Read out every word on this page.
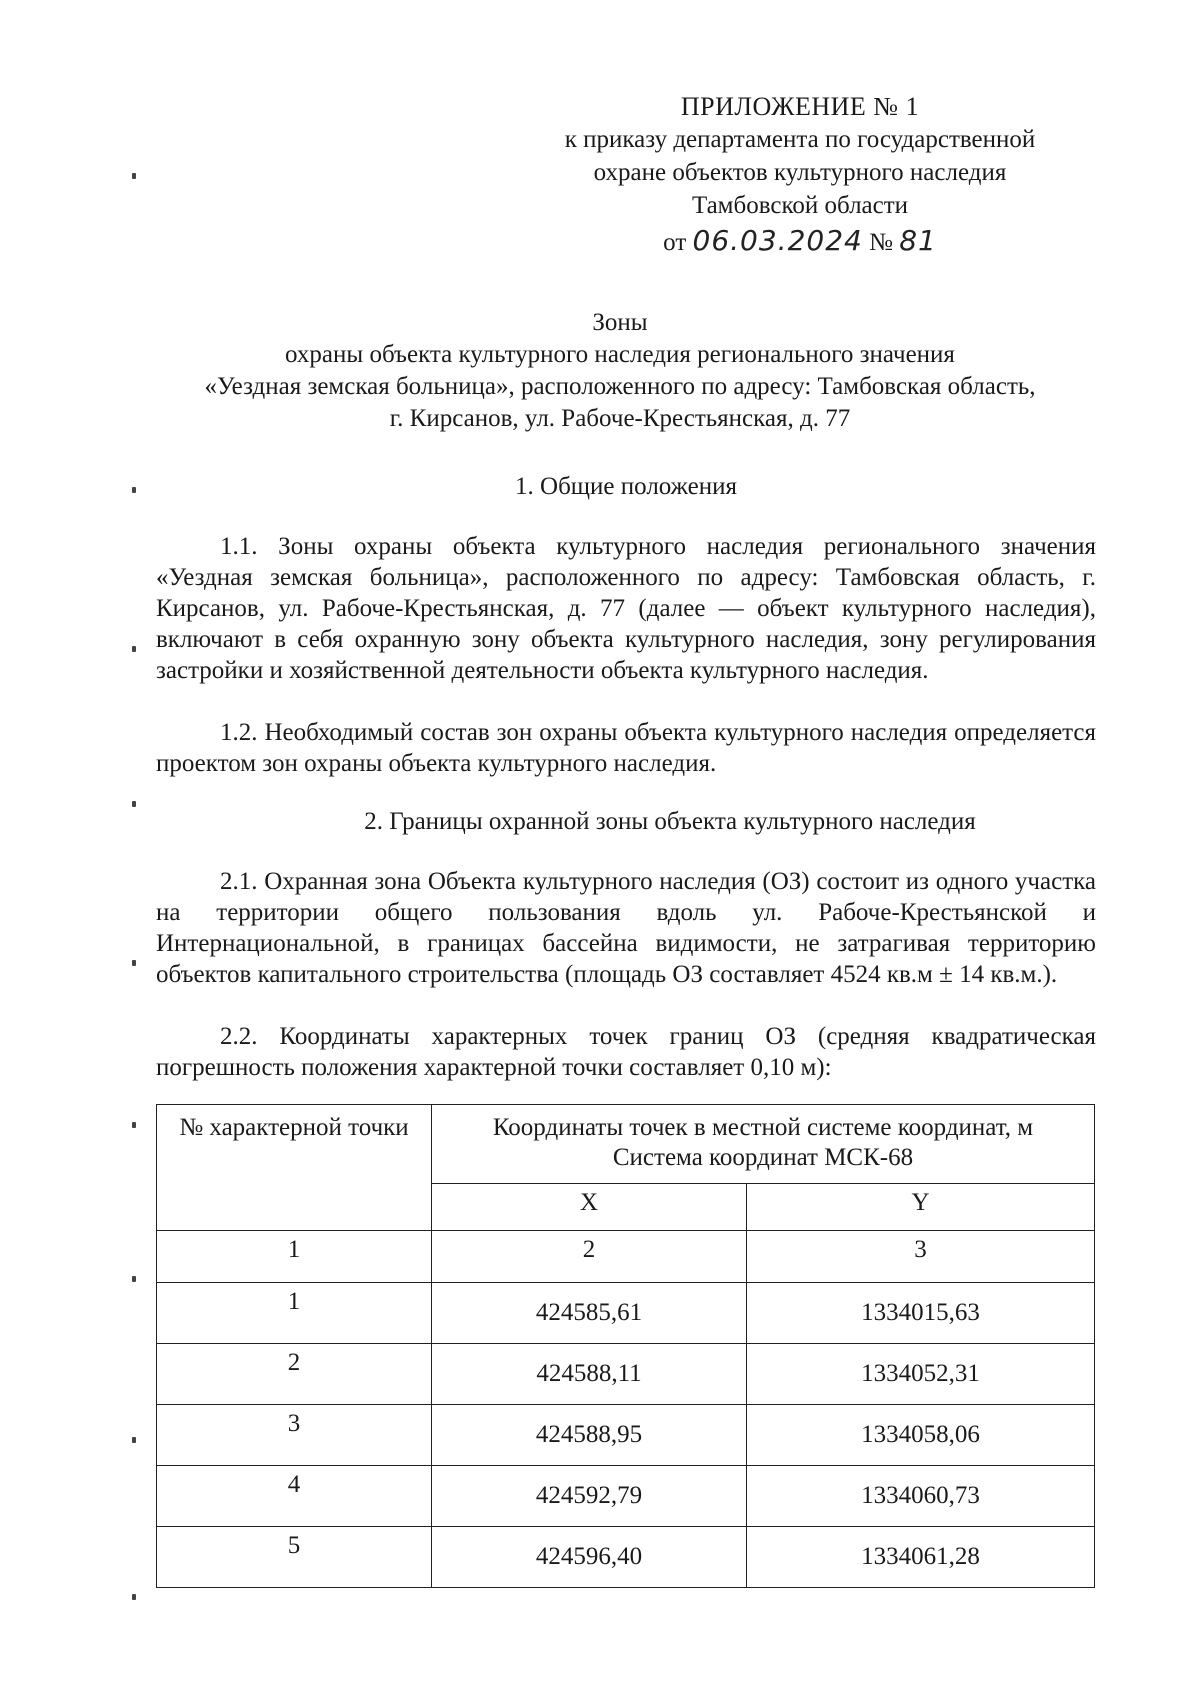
ПРИЛОЖЕНИЕ № 1
к приказу департамента по государственной
охране объектов культурного наследия
Тамбовской области
от 06.03.2024 № 81
Зоны
охраны объекта культурного наследия регионального значения
«Уездная земская больница», расположенного по адресу: Тамбовская область,
г. Кирсанов, ул. Рабоче-Крестьянская, д. 77
1. Общие положения
1.1. Зоны охраны объекта культурного наследия регионального значения «Уездная земская больница», расположенного по адресу: Тамбовская область, г. Кирсанов, ул. Рабоче-Крестьянская, д. 77 (далее — объект культурного наследия), включают в себя охранную зону объекта культурного наследия, зону регулирования застройки и хозяйственной деятельности объекта культурного наследия.
1.2. Необходимый состав зон охраны объекта культурного наследия определяется проектом зон охраны объекта культурного наследия.
2. Границы охранной зоны объекта культурного наследия
2.1. Охранная зона Объекта культурного наследия (ОЗ) состоит из одного участка на территории общего пользования вдоль ул. Рабоче-Крестьянской и Интернациональной, в границах бассейна видимости, не затрагивая территорию объектов капитального строительства (площадь ОЗ составляет 4524 кв.м ± 14 кв.м.).
2.2. Координаты характерных точек границ ОЗ (средняя квадратическая погрешность положения характерной точки составляет 0,10 м):
№ характерной точки	Координаты точек в местной системе координат, м
Система координат МСК-68	

	X	Y
1	2	3
1	424585,61	1334015,63
2	424588,11	1334052,31
3	424588,95	1334058,06
4	424592,79	1334060,73
5	424596,40	1334061,28
